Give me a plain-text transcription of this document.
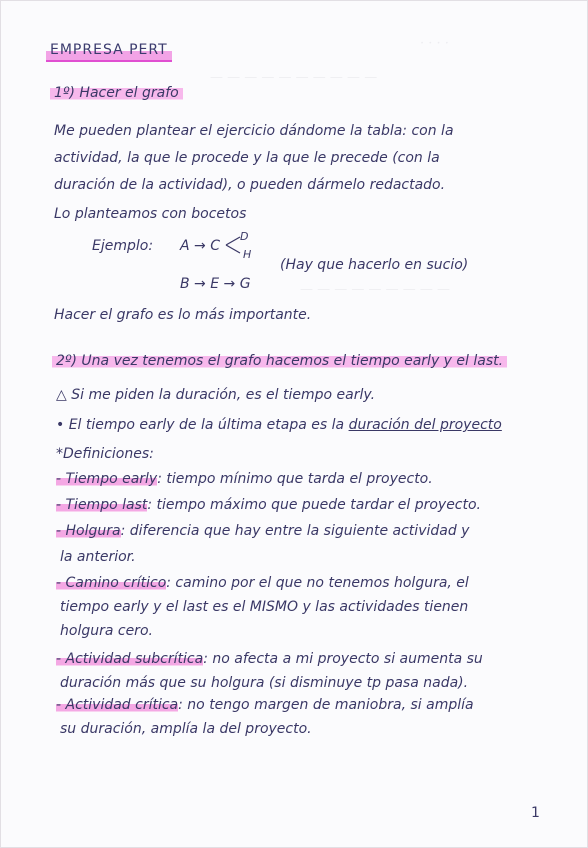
· · · ·
— — — — — — — — — —
— — — — — — — — —
EMPRESA PERT
1º) Hacer el grafo
Me pueden plantear el ejercicio dándome la tabla: con la
actividad, la que le procede y la que le precede (con la
duración de la actividad), o pueden dármelo redactado.
Lo planteamos con bocetos
Ejemplo: A → C
D
H
(Hay que hacerlo en sucio)
B → E → G
Hacer el grafo es lo más importante.
2º) Una vez tenemos el grafo hacemos el tiempo early y el last.
△ Si me piden la duración, es el tiempo early.
• El tiempo early de la última etapa es la duración del proyecto
*Definiciones:
- Tiempo early: tiempo mínimo que tarda el proyecto.
- Tiempo last: tiempo máximo que puede tardar el proyecto.
- Holgura: diferencia que hay entre la siguiente actividad y
la anterior.
- Camino crítico: camino por el que no tenemos holgura, el
tiempo early y el last es el MISMO y las actividades tienen
holgura cero.
- Actividad subcrítica: no afecta a mi proyecto si aumenta su
duración más que su holgura (si disminuye tp pasa nada).
- Actividad crítica: no tengo margen de maniobra, si amplía
su duración, amplía la del proyecto.
1
